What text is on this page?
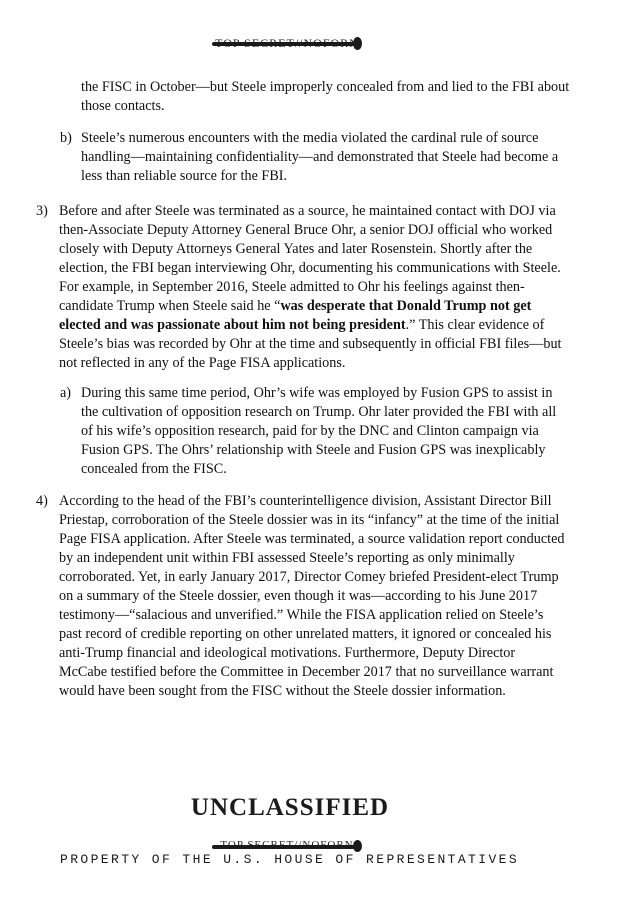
the FISC in October—but Steele improperly concealed from and lied to the FBI about

those contacts.

b) Steele’s numerous encounters with the media violated the cardinal rule of source

handling—maintaining confidentiality—and demonstrated that Steele had become a

less than reliable source for the FBI.

3) Before and after Steele was terminated as a source, he maintained contact with DOJ via

then-Associate Deputy Attorney General Bruce Ohr, a senior DOJ official who worked

closely with Deputy Attorneys General Yates and later Rosenstein. Shortly after the

election, the FBI began interviewing Ohr, documenting his communications with Steele.

For example, in September 2016, Steele admitted to Ohr his feelings against then-

candidate Trump when Steele said he “was desperate that Donald Trump not get

elected and was passionate about him not being president.” This clear evidence of

Steele’s bias was recorded by Ohr at the time and subsequently in official FBI files—but

not reflected in any of the Page FISA applications.

a) During this same time period, Ohr’s wife was employed by Fusion GPS to assist in

the cultivation of opposition research on Trump. Ohr later provided the FBI with all

of his wife’s opposition research, paid for by the DNC and Clinton campaign via

Fusion GPS. The Ohrs’ relationship with Steele and Fusion GPS was inexplicably

concealed from the FISC.

4) According to the head of the FBI’s counterintelligence division, Assistant Director Bill

Priestap, corroboration of the Steele dossier was in its “infancy” at the time of the initial

Page FISA application. After Steele was terminated, a source validation report conducted

by an independent unit within FBI assessed Steele’s reporting as only minimally

corroborated. Yet, in early January 2017, Director Comey briefed President-elect Trump

on a summary of the Steele dossier, even though it was—according to his June 2017

testimony—“salacious and unverified.” While the FISA application relied on Steele’s

past record of credible reporting on other unrelated matters, it ignored or concealed his

anti-Trump financial and ideological motivations. Furthermore, Deputy Director

McCabe testified before the Committee in December 2017 that no surveillance warrant

would have been sought from the FISC without the Steele dossier information.

UNCLASSIFIED
PROPERTY OF THE U.S. HOUSE OF REPRESENTATIVES
